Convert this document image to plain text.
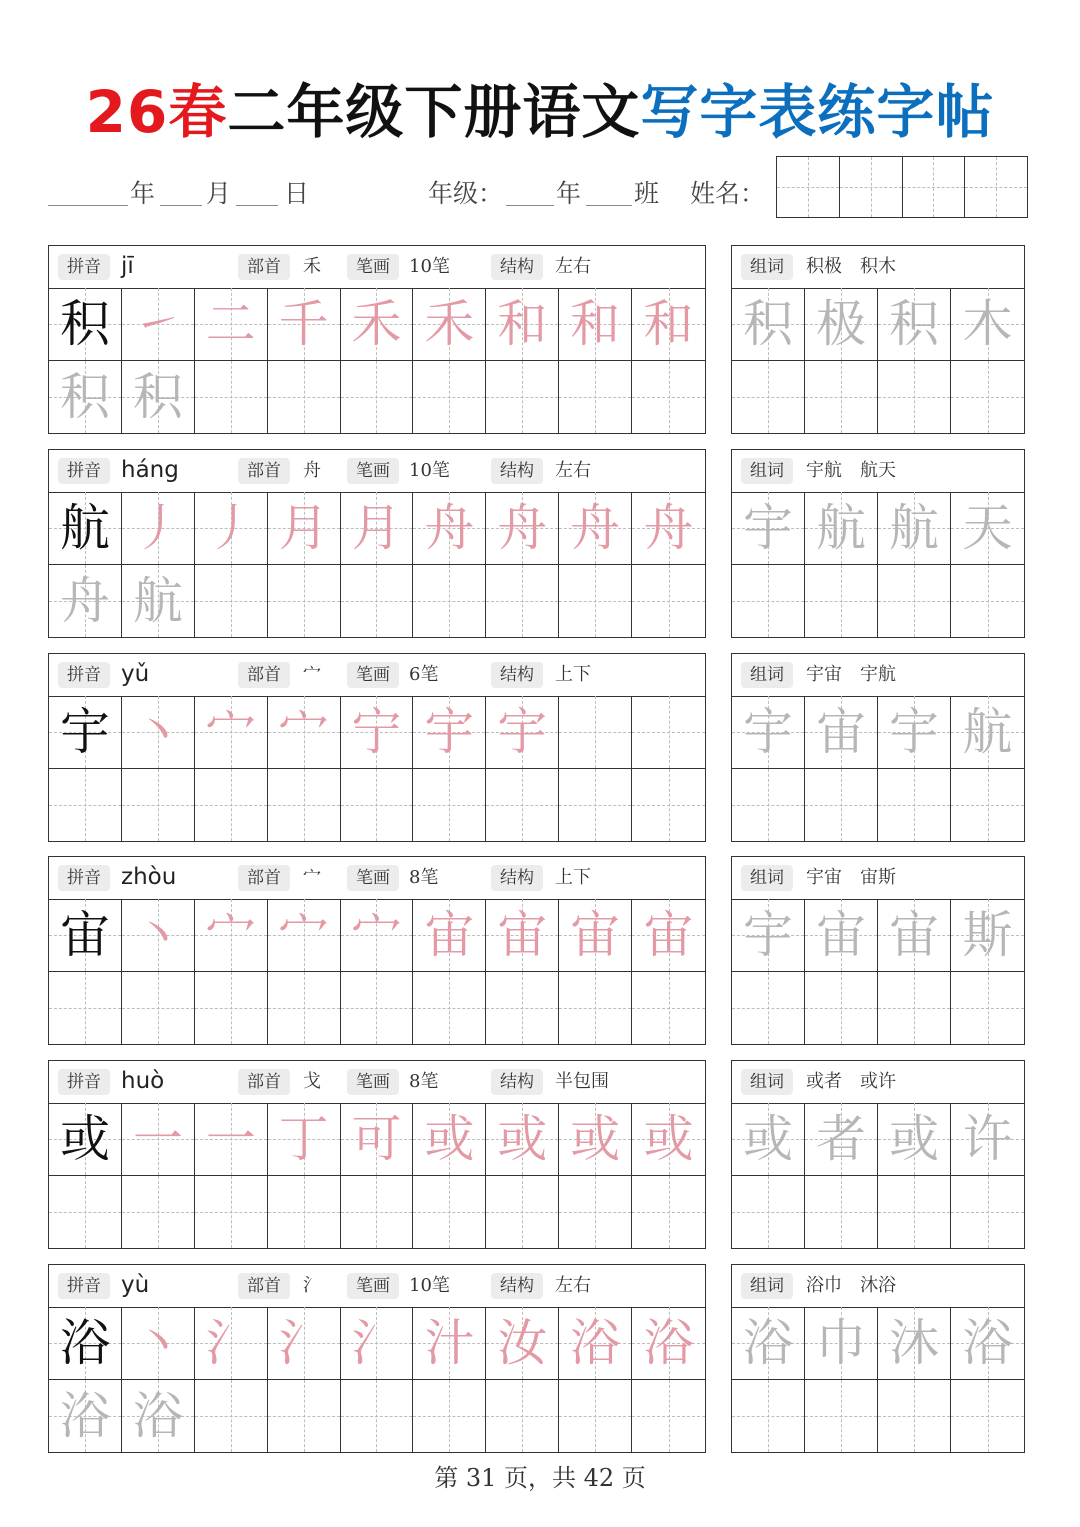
26春二年级下册语文写字表练字帖
年 月 日	年级： 年 班 姓名：
拼音 jī	部首	禾	笔画	10笔	结构	左右
积 ㇀ 二 千 禾 禾 和 和 和
积 积
组词	积极　积木
积 极 积 木
拼音 háng	部首	舟	笔画	10笔	结构	左右
航 丿 丿 月 月 舟 舟 舟 舟
舟 航
组词	宇航　航天
宇 航 航 天
拼音 yǔ	部首	宀	笔画	6笔	结构	上下
宇 丶 宀 宀 宁 宇 宇
组词	宇宙　宇航
宇 宙 宇 航
拼音 zhòu	部首	宀	笔画	8笔	结构	上下
宙 丶 宀 宀 宀 宙 宙 宙 宙
组词	宇宙　宙斯
宇 宙 宙 斯
拼音 huò	部首	戈	笔画	8笔	结构	半包围
或 一 一 丁 可 或 或 或 或
组词	或者　或许
或 者 或 许
拼音 yù	部首	氵	笔画	10笔	结构	左右
浴 丶 氵 氵 氵 汁 汝 浴 浴
浴 浴
组词	浴巾　沐浴
浴 巾 沐 浴
第 31 页，共 42 页
